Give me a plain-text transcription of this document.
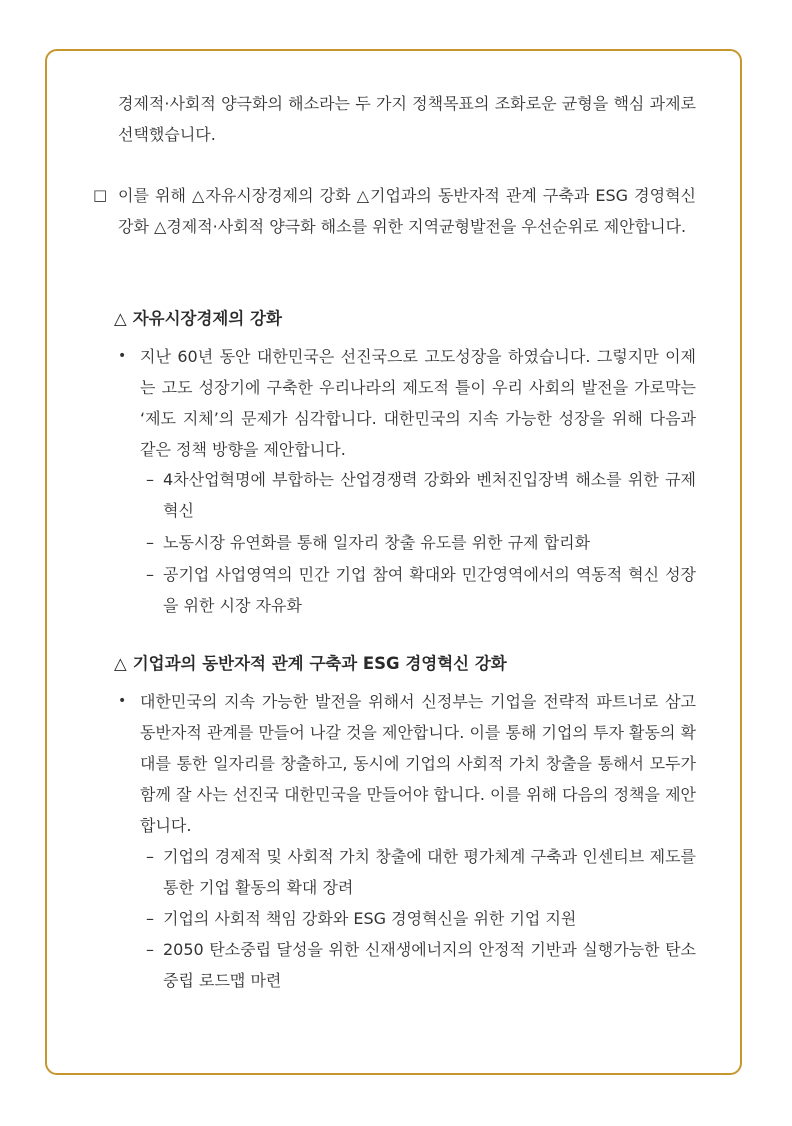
경제적·사회적 양극화의 해소라는 두 가지 정책목표의 조화로운 균형을 핵심 과제로 선택했습니다.
□ 이를 위해 △자유시장경제의 강화 △기업과의 동반자적 관계 구축과 ESG 경영혁신 강화 △경제적·사회적 양극화 해소를 위한 지역균형발전을 우선순위로 제안합니다.
△ 자유시장경제의 강화
• 지난 60년 동안 대한민국은 선진국으로 고도성장을 하였습니다. 그렇지만 이제는 고도 성장기에 구축한 우리나라의 제도적 틀이 우리 사회의 발전을 가로막는 ‘제도 지체’의 문제가 심각합니다. 대한민국의 지속 가능한 성장을 위해 다음과 같은 정책 방향을 제안합니다.
– 4차산업혁명에 부합하는 산업경쟁력 강화와 벤처진입장벽 해소를 위한 규제 혁신
– 노동시장 유연화를 통해 일자리 창출 유도를 위한 규제 합리화
– 공기업 사업영역의 민간 기업 참여 확대와 민간영역에서의 역동적 혁신 성장을 위한 시장 자유화
△ 기업과의 동반자적 관계 구축과 ESG 경영혁신 강화
• 대한민국의 지속 가능한 발전을 위해서 신정부는 기업을 전략적 파트너로 삼고 동반자적 관계를 만들어 나갈 것을 제안합니다. 이를 통해 기업의 투자 활동의 확대를 통한 일자리를 창출하고, 동시에 기업의 사회적 가치 창출을 통해서 모두가 함께 잘 사는 선진국 대한민국을 만들어야 합니다. 이를 위해 다음의 정책을 제안합니다.
– 기업의 경제적 및 사회적 가치 창출에 대한 평가체계 구축과 인센티브 제도를 통한 기업 활동의 확대 장려
– 기업의 사회적 책임 강화와 ESG 경영혁신을 위한 기업 지원
– 2050 탄소중립 달성을 위한 신재생에너지의 안정적 기반과 실행가능한 탄소중립 로드맵 마련
